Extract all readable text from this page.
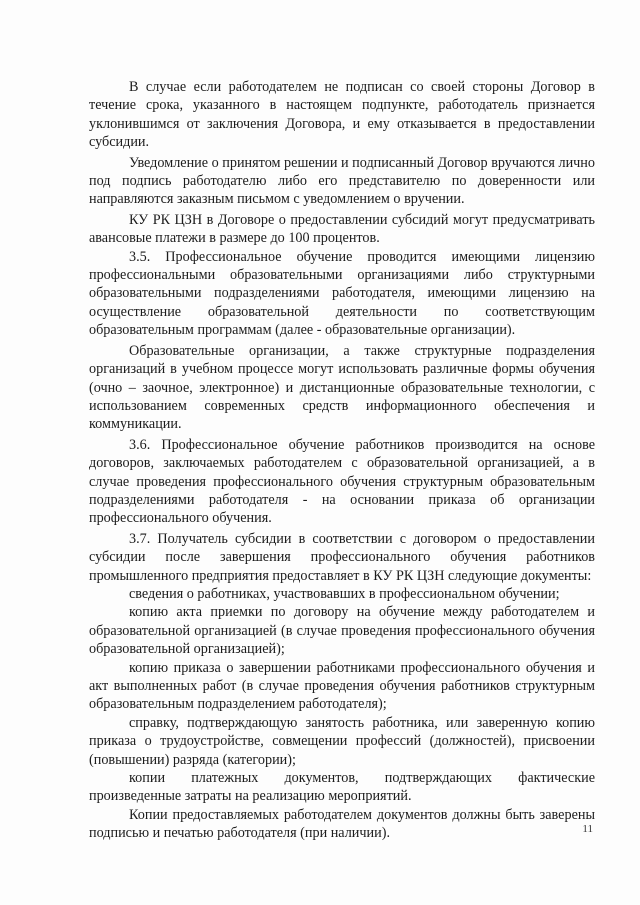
В случае если работодателем не подписан со своей стороны Договор в течение срока, указанного в настоящем подпункте, работодатель признается уклонившимся от заключения Договора, и ему отказывается в предоставлении субсидии.

Уведомление о принятом решении и подписанный Договор вручаются лично под подпись работодателю либо его представителю по доверенности или направляются заказным письмом с уведомлением о вручении.

КУ РК ЦЗН в Договоре о предоставлении субсидий могут предусматривать авансовые платежи в размере до 100 процентов.

3.5. Профессиональное обучение проводится имеющими лицензию профессиональными образовательными организациями либо структурными образовательными подразделениями работодателя, имеющими лицензию на осуществление образовательной деятельности по соответствующим образовательным программам (далее - образовательные организации).

Образовательные организации, а также структурные подразделения организаций в учебном процессе могут использовать различные формы обучения (очно – заочное, электронное) и дистанционные образовательные технологии, с использованием современных средств информационного обеспечения и коммуникации.

3.6. Профессиональное обучение работников производится на основе договоров, заключаемых работодателем с образовательной организацией, а в случае проведения профессионального обучения структурным образовательным подразделениями работодателя - на основании приказа об организации профессионального обучения.

3.7. Получатель субсидии в соответствии с договором о предоставлении субсидии после завершения профессионального обучения работников промышленного предприятия предоставляет в КУ РК ЦЗН следующие документы:

сведения о работниках, участвовавших в профессиональном обучении;

копию акта приемки по договору на обучение между работодателем и образовательной организацией (в случае проведения профессионального обучения образовательной организацией);

копию приказа о завершении работниками профессионального обучения и акт выполненных работ (в случае проведения обучения работников структурным образовательным подразделением работодателя);

справку, подтверждающую занятость работника, или заверенную копию приказа о трудоустройстве, совмещении профессий (должностей), присвоении (повышении) разряда (категории);

копии платежных документов, подтверждающих фактические произведенные затраты на реализацию мероприятий.

Копии предоставляемых работодателем документов должны быть заверены подписью и печатью работодателя (при наличии).	11
